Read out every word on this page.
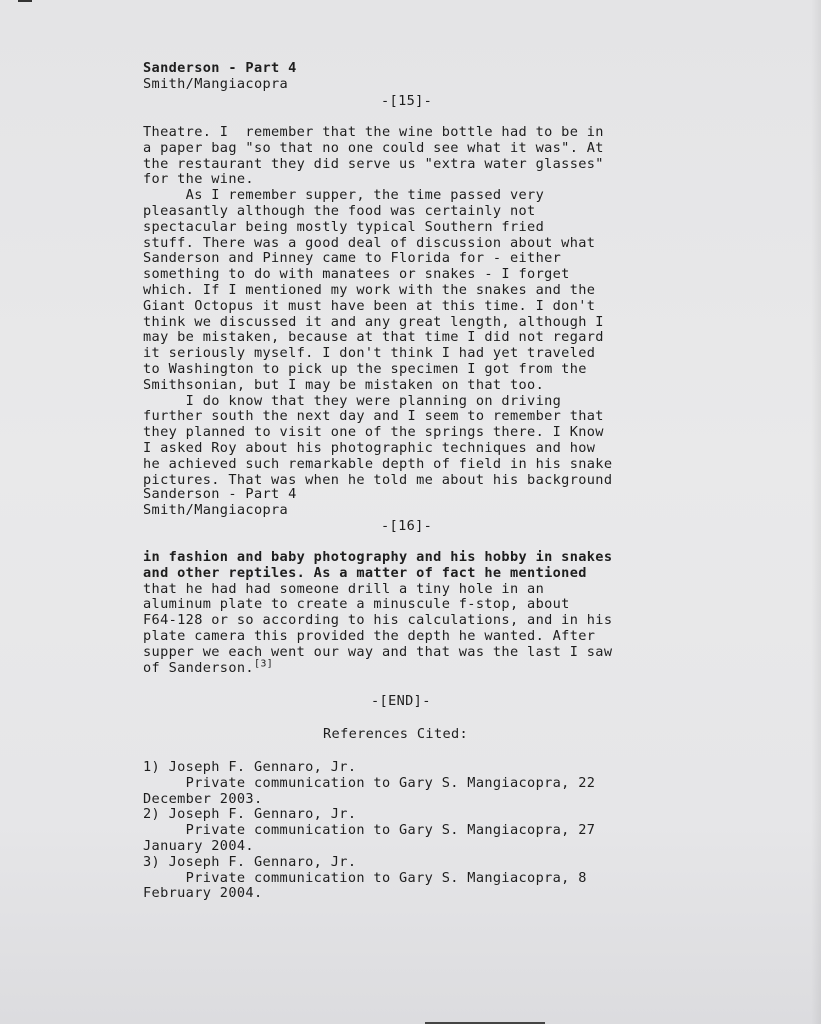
Sanderson - Part 4
Smith/Mangiacopra
-[15]-
Theatre. I  remember that the wine bottle had to be in
a paper bag "so that no one could see what it was". At
the restaurant they did serve us "extra water glasses"
for the wine.
As I remember supper, the time passed very
pleasantly although the food was certainly not
spectacular being mostly typical Southern fried
stuff. There was a good deal of discussion about what
Sanderson and Pinney came to Florida for - either
something to do with manatees or snakes - I forget
which. If I mentioned my work with the snakes and the
Giant Octopus it must have been at this time. I don't
think we discussed it and any great length, although I
may be mistaken, because at that time I did not regard
it seriously myself. I don't think I had yet traveled
to Washington to pick up the specimen I got from the
Smithsonian, but I may be mistaken on that too.
I do know that they were planning on driving
further south the next day and I seem to remember that
they planned to visit one of the springs there. I Know
I asked Roy about his photographic techniques and how
he achieved such remarkable depth of field in his snake
pictures. That was when he told me about his background
Sanderson - Part 4
Smith/Mangiacopra
-[16]-
in fashion and baby photography and his hobby in snakes
and other reptiles. As a matter of fact he mentioned
that he had had someone drill a tiny hole in an
aluminum plate to create a minuscule f-stop, about
F64-128 or so according to his calculations, and in his
plate camera this provided the depth he wanted. After
supper we each went our way and that was the last I saw
of Sanderson.[3]
-[END]-
References Cited:
1) Joseph F. Gennaro, Jr.
Private communication to Gary S. Mangiacopra, 22
December 2003.
2) Joseph F. Gennaro, Jr.
Private communication to Gary S. Mangiacopra, 27
January 2004.
3) Joseph F. Gennaro, Jr.
Private communication to Gary S. Mangiacopra, 8
February 2004.
